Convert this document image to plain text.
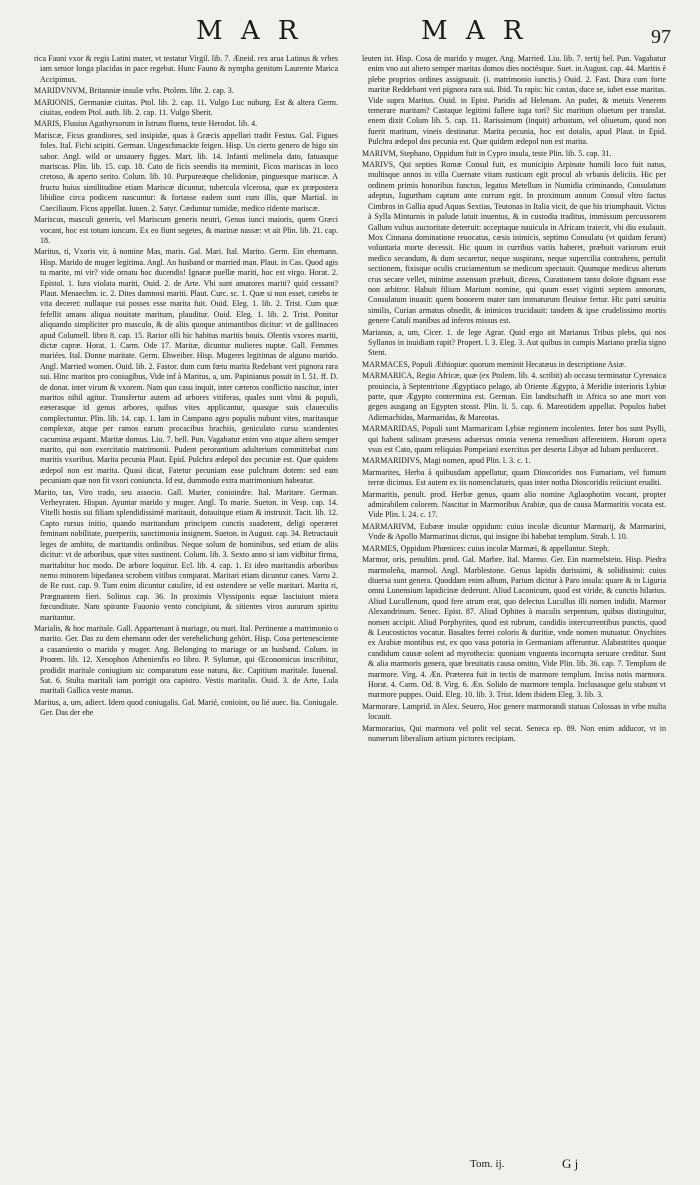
M A R	M A R	97

rica Fauni vxor & regis Latini mater, vt testatur Virgil. lib. 7. Æneid. rex arua Latinus & vrbes iam senior longa placidas in pace regebat. Hunc Fauno & nympha genitum Laurente Marica Accipimus.

MARIDVNVM, Britanniæ insulæ vrbs. Ptolem. libr. 2. cap. 3.

MARIONIS, Germaniæ ciuitas. Ptol. lib. 2. cap. 11. Vulgo Luc nuburg. Est & altera Germ. ciuitas, eodem Ptol. auth. lib. 2. cap. 11. Vulgo Sberit.

MARIS, Fluuius Agathyrsorum in Istrum fluens, teste Herodot. lib. 4.

Mariscæ, Ficus grandiores, sed insipidæ, quas à Græcis appellari tradit Festus. Gal. Figues foles. Ital. Fichi scipiti. German. Ungeschmackte feigen. Hisp. Un cierto genero de higo sin sabor. Angl. wild or unsauery figges. Mart. lib. 14. Infanti melimela dato, fatuasque mariscas. Plin. lib. 15. cap. 18. Cato de ficis seendis ita meminit, Ficos mariscas in loco cretoso, & aperto serito. Colum. lib. 10. Purpureæque chelidoniæ, pinguesque mariscæ. A fructu huius similitudine etiam Mariscæ dicuntur, tuberculа vlcerosa, quæ ex præpostera libidine circa podicem nascuntur: & fortasse eadem sunt cum illis, quæ Martial. in Caeciliaum. Ficos appellat. Iuuen. 2. Satyr. Cæduntur tumidæ, medico ridente mariscæ.

Mariscus, masculi generis, vel Mariscum generis neutri, Genus iunci maioris, quem Græci vocant, hoc est totum iuncum. Ex eo fiunt segetes, & marinæ nassæ: vt ait Plin. lib. 21. cap. 18.

Maritus, ti, Vxoris vir, à nomine Mas, maris. Gal. Mari. Ital. Marito. Germ. Ein ehemann. Hisp. Marido de muger legitima. Angl. An husband or married man. Plaut. in Cas. Quod agis tu marite, mi vir? vide ornatu hoc ducendis! Ignaræ puellæ mariti, hoc est virgo. Horat. 2. Epistol. 1. Iura violata mariti, Ouid. 2. de Arte. Vbi sunt amatores mariti? quid cessant? Plaut. Menaechm. ic. 2. Dites damnosi mariti. Plaut. Curc. sc. 1. Quæ si non esset, cætebs te vita deceret: nullaque cui posses esse marita fuit. Ouid. Eleg. 1. lib. 2. Trist. Cum quæ fefellit amans aliqua nouitate maritum, plauditur. Ouid. Eleg. 1. lib. 2. Trist. Ponitur aliquando simpliciter pro masculo, & de aliis quoque animantibus dicitur: vt de gallinaceo apud Columell. libro 8. cap. 15. Rarior olli hic habitus maritis bouis. Olentis vxores mariti, dictæ capræ. Horat. 1. Carm. Ode 17. Maritæ, dicuntur mulieres nuptæ. Gall. Femmes mariées. Ital. Donne maritate. Germ. Ehweiber. Hisp. Mugeres legitimas de alguno marido. Angl. Married women. Ouid. lib. 2. Fastor. dum cum fœtu marita Redebant veri pignora rara sui. Hinc maritos pro coniugibus, Vide inf à Maritus, a, um. Papinianus posuit in l. 51. ff. D. de donat. inter virum & vxorem. Nam quo casu inquit, inter cæteros conflictio nascitur, inter maritos nihil agitur. Transfertur autem ad arbores vitiferas, quales sunt vlmi & populi, eæterasque id genus arbores, quibus vites applicantur, quasque suis claueculis complectuntur. Plin. lib. 14. cap. 1. Iam in Campano agro populis nubunt vites, maritasque complexæ, atque per ramos earum procacibus brachiis, geniculato cursu scandentes cacumina æquant. Maritæ domus. Liu. 7. bell. Pun. Vagabatur enim vno atque altero semper marito, qui non exercitatio matrimonii. Pudent perorantium adulterium committebat cum maritis vxoribus. Marita pecunia Plaut. Epid. Pulchra ædepol dos pecuniæ est. Quæ quidem ædepol non est marita. Quasi dicat, Fatetur pecuniam esse pulchram dotem: sed eam pecuniam quæ non fit vxori coniuncta. Id est, dummodo extra matrimonium habeatur.

Marito, tas, Viro trado, seu associo. Gall. Marier, conioindre. Ital. Maritare. German. Verheyraten. Hispan. Ayuntar marido y muger. Angl. To marie. Sueton. in Vesp. cap. 14. Vitelli hostis sui filiam splendidissimè maritauit, dotauitque etiam & instruxit. Tacit. lib. 12. Capto rursus initio, quando maritandum principem cunctis suaderent, deligi operæret feminam nobilitate, puerperiis, sanctimonia insignem. Sueton. in August. cap. 34. Retractauit leges de ambitu, de maritandis ordinibus. Neque solum de hominibus, sed etiam de aliis dicitur: vt de arboribus, quæ vites sustinent. Colum. lib. 3. Sexto anno si iam vidbitur firma, maritabitur hoc modo. De arbore loquitur. Ecl. lib. 4. cap. 1. Et ideo maritandis arboribus nemo minorem bipedanea scrobem vitibus comparat. Maritari etiam dicuntur canes. Varro 2. de Re rust. cap. 9. Tum enim dicuntur catulire, id est ostendere se velle maritari. Marita ri, Prægnantem fieri. Solinus cap. 36. In proximis Vlyssiponis equæ lasciuiunt miera fœcunditate. Nam spirante Fauonio vento concipiunt, & sitientes viros aurarum spiritu maritantur.

Marialis, & hoc maritale. Gall. Appartenant à mariage, ou mari. Ital. Pertinente a matrimonio o marito. Ger. Das zu dem ehemann oder der verehelichung gehört. Hisp. Cosa pertenesciente a casamiento o marido y muger. Ang. Belonging to mariage or an husband. Colum. in Proœm. lib. 12. Xenophon Athenienfis eo libro. P. Sylumæ, qui Œconomicus inscribitur, prodidit maritale coniugium sic comparatum esse natura, &c. Capitium maritale. Iuuenal. Sat. 6. Stulta maritali iam porrigit ora capistro. Vestis maritalis. Ouid. 3. de Arte, Lula maritali Gallica veste manus.

Maritus, a, um, adiect. Idem quod coniugalis. Gal. Marié, conioint, ou lié auec. Ita. Coniugale. Ger. Das der ehe

leuten ist. Hisp. Cosa de marido y muger. Ang. Married. Liu. lib. 7. tertij bel. Pun. Vagabatur enim vno aut altero semper maritas domos dies noctésque. Suet. in August. cap. 44. Maritis è plebe proprios ordines assignauit. (i. matrimonio iunctis.) Ouid. 2. Fast. Dura cum forte maritæ Reddebant veri pignora rara sui. Ibid. Tu rapis: hic castas, duce se, iubet esse maritas. Vide supra Maritus. Ouid. in Epist. Paridis ad Helenam. An pudet, & metuis Venerem temerare maritam? Castaque legitimi fallere iuga tori? Sic maritum oluetum per translat. enem dixit Colum lib. 5. cap. 11. Rarissimum (inquit) arbustum, vel oliuetum, quod non fuerit maritum, vineis destinatur. Marita pecunia, hoc est dotalis, apud Plaut. in Epid. Pulchra ædepol dos pecunia est. Quæ quidem ædepol non est marita.

MARIVM, Stephano, Oppidum fuit in Cypro insula, teste Plin. lib. 5. cap. 31.

MARIVS, Qui septies Romæ Consul fuit, ex municipio Arpinate humili loco fuit natus, multisque annos in villa Cuernate vitam rusticam egit procul ab vrbanis deliciis. Hic per ordinem primis honoribus functus, legatus Metellum in Numidia criminando, Consulatum adeptus, Iugurtham captum ante currum egit. In proximum annum Consul vltro factus Cimbros in Gallia apud Aquas Sextias, Teutonas in Italia vicit, de que his triumphauit. Victus à Sylla Minturnis in palude latuit inuentus, & in custodia traditus, immissum percussorem Gallum vultus auctoritate deterruit: acceptaque nauicula in Africam traiecit, vbi diu exulauit. Mox Cinnana dominatione reuocatus, cæsis inimicis, septimo Consulatu (vt quidam ferunt) voluntaria morte decessit. Hic quum in curribus variis haberet, præbuit variorum eruit medico secandum, & dum secaretur, neque suspirans, neque supercilia contrahens, pertulit sectionem, fixisque oculis cruciamentum se medicum spectauit. Quumque medicus alterum crus secare vellet, minime assensum præbuit, dicens, Curationem tanto dolore dignam esse non arbitror. Habuit filium Marium nomine, qui quum esset viginti septem annorum, Consulatum inuasit: quem honorem mater tam immaturum fleuisse fertur. Hic patri sæuitia similis, Curian armatus obsedit, & inimicos trucidauit: tandem & ipse crudelissimo mortis genere Catuli manibus ad inferos missus est.

Marianus, a, um, Cicer. 1. de lege Agrar. Quid ergo ait Marianus Tribus plebs, qui nos Syllanos in inuidiam rapit? Propert. l. 3. Eleg. 3. Aut quibus in campis Mariano prælia signo Stent.

MARMACES, Populi Æthiopiæ: quorum meminit Hecatæus in descriptione Asiæ.

MARMARICA, Regio Africæ, quæ (ex Ptolem. lib. 4. scribit) ab occasu terminatur Cyrenaica prouincia, à Septentrione Ægyptiaco pelago, ab Oriente Ægypto, à Meridie interioris Lybiæ parte, quæ Ægypto conterminа est. German. Ein landtschafft in Africa so ane mort von gegen ausgang an Egypten stosst. Plin. li. 5. cap. 6. Mareotidem appellat. Populos habet Adirmachidas, Marmaridas, & Mareotas.

MARMARIDAS, Populi sunt Marmaricam Lybiæ regionem incolentes. Inter hos sunt Psylli, qui habent salinam præsens aduersus omnia venena remedium afferentem. Horum opera vsus est Cato, quum reliquias Pompeiani exercitus per deserta Libyæ ad Iubam perduceret.

MARMARIDIVS, Magi nomen, apud Plin. l. 3. c. 1.

Marmarites, Herba à quibusdam appellatur, quam Dioscorides nos Fumariam, vel fumum terræ dicimus. Est autem ex iis nomenclaturis, quas inter notha Dioscoridis reiiciunt eruditi.

Marmaritis, penult. prod. Herbæ genus, quam alio nomine Aglaophotim vocant, propter admirabilem colorem. Nascitur in Marmoribus Arabiæ, qua de causa Marmaritis vocata est. Vide Plin. l. 24. c. 17.

MARMARIVM, Eubææ insulæ oppidum: cuius incolæ dicuntur Marmarij, & Marmarini, Vnde & Apollo Marmarinus dictus, qui insigne ibi habebat templum. Strab. l. 10.

MARMES, Oppidum Phœnices: cuius incolæ Marmæi, & appellantur. Steph.

Marmor, oris, penultim. prod. Gal. Marbre. Ital. Marmo. Ger. Ein marmelstein. Hisp. Piedra marmoleña, marmol. Angl. Marblestone. Genus lapidis durissimi, & solidissimi: cuius diuersa sunt genera. Quoddam enim album, Parium dicitur à Paro insula: quare & in Liguria omni Lunensium lapidicinæ dederunt. Aliud Laconicum, quod est viride, & cunctis hilarius. Aliud Lucullenum, quod fere atrum erat, quo delectus Lucullus illi nomen indidit. Marmor Alexandrinum. Senec. Epist. 87. Aliud Ophites à maculis serpentum, quibus distinguitur, nomen accipit. Aliud Porphyrites, quod est rubrum, candidis intercurrentibus punctis, quod & Leucostictos vocatur. Basaltes ferrei coloris & duritiæ, vnde nomen mutuatur. Onychites ex Arabiæ montibus est, ex quo vasa potoria in Germaniam afferuntur. Alabastrites quoque candidum causæ solent ad myrothecia: quoniam vnguenta incorrupta seruare creditur. Sunt & alia marmoris genera, quæ breuitatis causa omitto, Vide Plin. lib. 36. cap. 7. Templum de marmore. Virg. 4. Æn. Præterea fuit in tectis de marmore templum. Incisa notis marmora. Horat. 4. Carm. Od. 8. Virg. 6. Æn. Solido de marmore templa. Inclusasque gelu stabunt vt marmore puppes. Ouid. Eleg. 10. lib. 3. Trist. Idem ibidem Eleg. 3. lib. 3.

Marmorare. Lamprid. in Alex. Seuero, Hoc genere marmorandi statuas Colossas in vrbe multa locauit.

Marmorarius, Qui marmora vel polit vel secat. Seneca ep. 89. Non enim adducor, vt in numerum liberalium artium pictores recipiam.

Tom. ij.	G j
